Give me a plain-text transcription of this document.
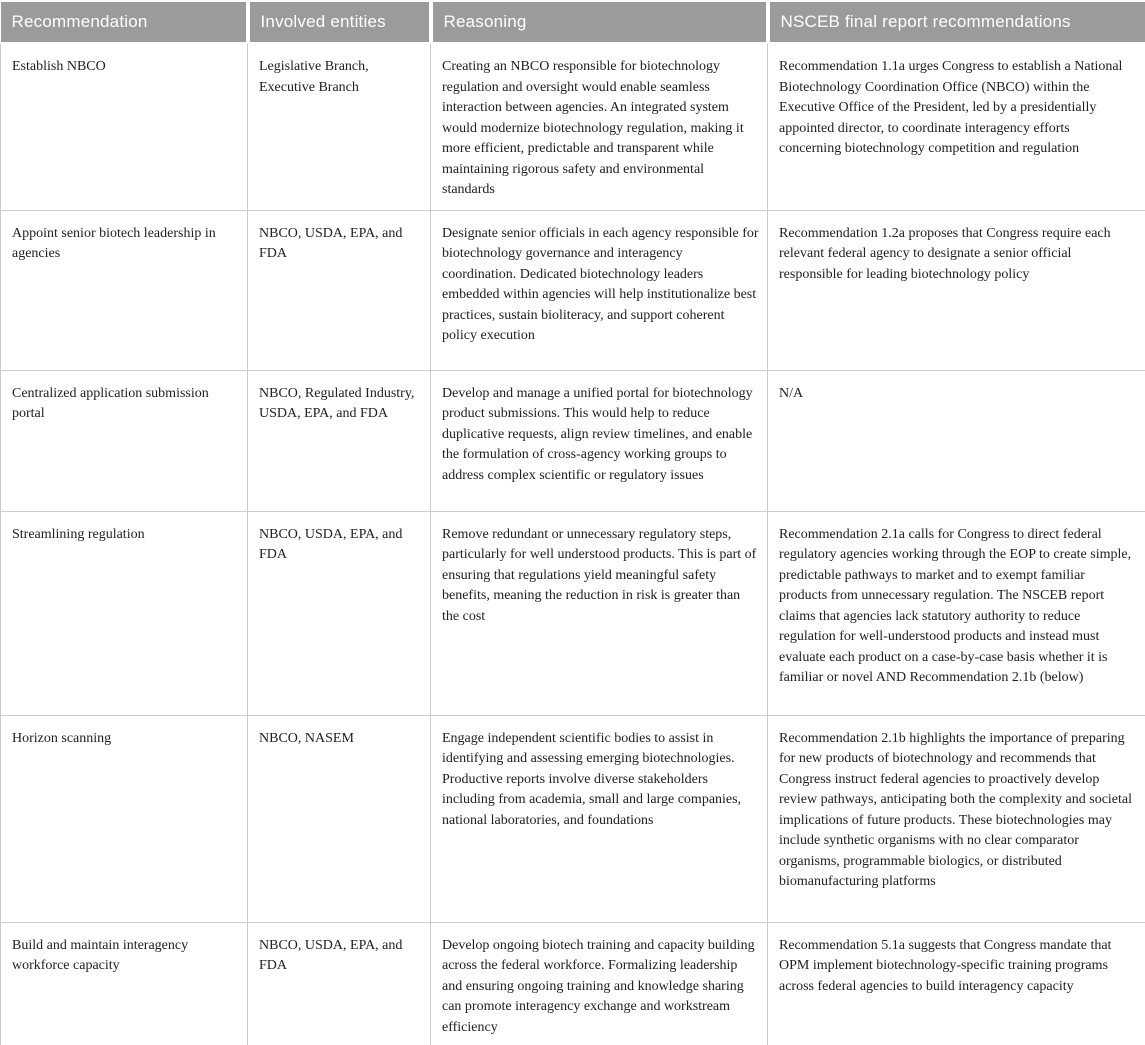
Recommendation	Involved entities	Reasoning	NSCEB final report recommendations
Establish NBCO	Legislative Branch, Executive Branch	Creating an NBCO responsible for biotechnology regulation and oversight would enable seamless interaction between agencies. An integrated system would modernize biotechnology regulation, making it more efficient, predictable and transparent while maintaining rigorous safety and environmental standards	Recommendation 1.1a urges Congress to establish a National Biotechnology Coordination Office (NBCO) within the Executive Office of the President, led by a presidentially appointed director, to coordinate interagency efforts concerning biotechnology competition and regulation
Appoint senior biotech leadership in agencies	NBCO, USDA, EPA, and FDA	Designate senior officials in each agency responsible for biotechnology governance and interagency coordination. Dedicated biotechnology leaders embedded within agencies will help institutionalize best practices, sustain bioliteracy, and support coherent policy execution	Recommendation 1.2a proposes that Congress require each relevant federal agency to designate a senior official responsible for leading biotechnology policy
Centralized application submission portal	NBCO, Regulated Industry, USDA, EPA, and FDA	Develop and manage a unified portal for biotechnology product submissions. This would help to reduce duplicative requests, align review timelines, and enable the formulation of cross-agency working groups to address complex scientific or regulatory issues	N/A
Streamlining regulation	NBCO, USDA, EPA, and FDA	Remove redundant or unnecessary regulatory steps, particularly for well understood products. This is part of ensuring that regulations yield meaningful safety benefits, meaning the reduction in risk is greater than the cost	Recommendation 2.1a calls for Congress to direct federal regulatory agencies working through the EOP to create simple, predictable pathways to market and to exempt familiar products from unnecessary regulation. The NSCEB report claims that agencies lack statutory authority to reduce regulation for well-understood products and instead must evaluate each product on a case-by-case basis whether it is familiar or novel AND Recommendation 2.1b (below)
Horizon scanning	NBCO, NASEM	Engage independent scientific bodies to assist in identifying and assessing emerging biotechnologies. Productive reports involve diverse stakeholders including from academia, small and large companies, national laboratories, and foundations	Recommendation 2.1b highlights the importance of preparing for new products of biotechnology and recommends that Congress instruct federal agencies to proactively develop review pathways, anticipating both the complexity and societal implications of future products. These biotechnologies may include synthetic organisms with no clear comparator organisms, programmable biologics, or distributed biomanufacturing platforms
Build and maintain interagency workforce capacity	NBCO, USDA, EPA, and FDA	Develop ongoing biotech training and capacity building across the federal workforce. Formalizing leadership and ensuring ongoing training and knowledge sharing can promote interagency exchange and workstream efficiency	Recommendation 5.1a suggests that Congress mandate that OPM implement biotechnology-specific training programs across federal agencies to build interagency capacity
